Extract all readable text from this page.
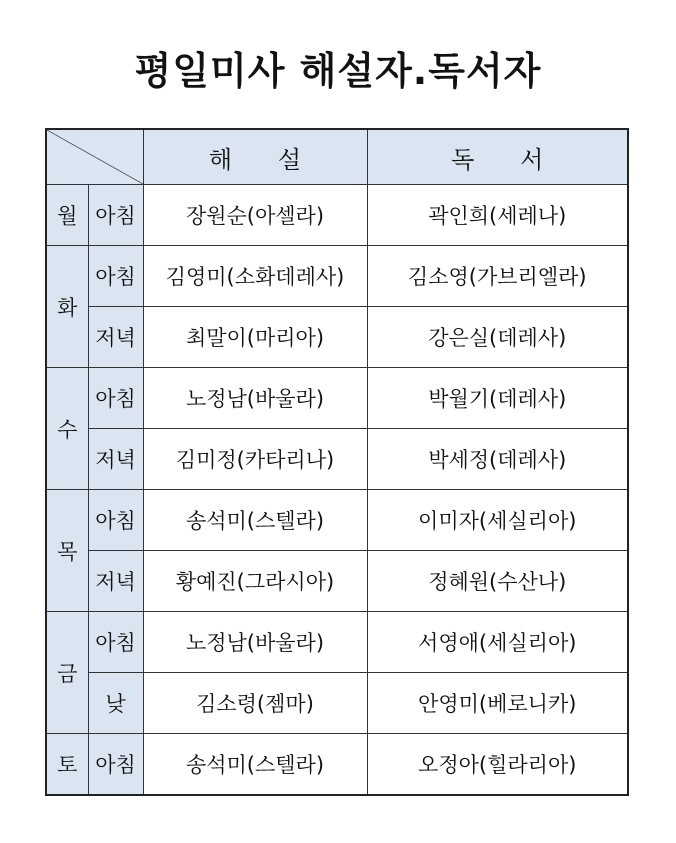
평일미사 해설자.독서자
		해      설	독      서
월	아침	장원순(아셀라)	곽인희(세레나)
화	아침	김영미(소화데레사)	김소영(가브리엘라)
	저녁	최말이(마리아)	강은실(데레사)
수	아침	노정남(바울라)	박월기(데레사)
	저녁	김미정(카타리나)	박세정(데레사)
목	아침	송석미(스텔라)	이미자(세실리아)
	저녁	황예진(그라시아)	정혜원(수산나)
금	아침	노정남(바울라)	서영애(세실리아)
	낮	김소령(젬마)	안영미(베로니카)
토	아침	송석미(스텔라)	오정아(힐라리아)
